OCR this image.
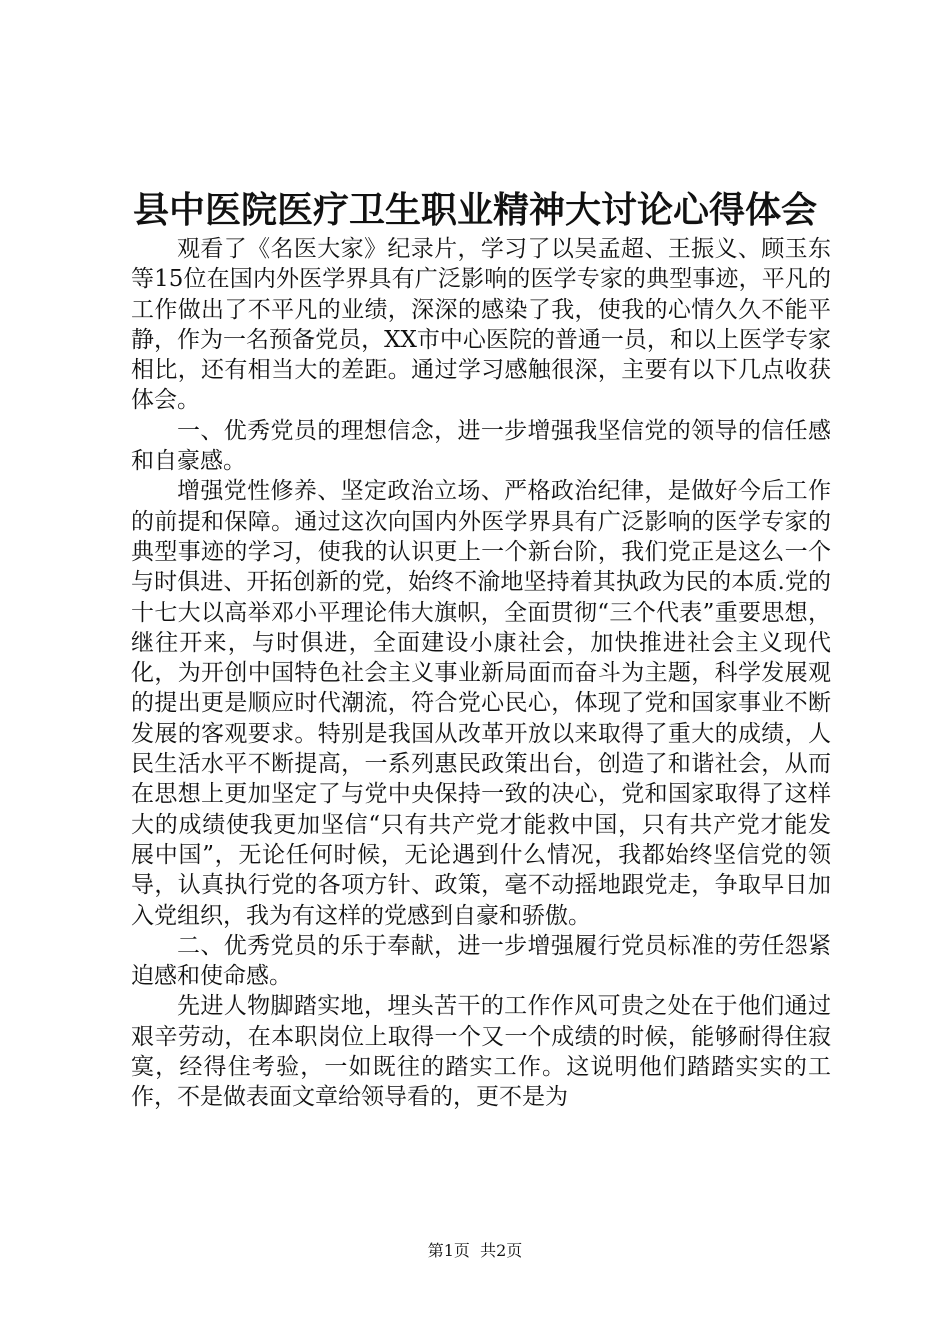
县中医院医疗卫生职业精神大讨论心得体会

观看了《名医大家》纪录片，学习了以吴孟超、王振义、顾玉东等15位在国内外医学界具有广泛影响的医学专家的典型事迹，平凡的工作做出了不平凡的业绩，深深的感染了我，使我的心情久久不能平静，作为一名预备党员，XX市中心医院的普通一员，和以上医学专家相比，还有相当大的差距。通过学习感触很深，主要有以下几点收获体会。

一、优秀党员的理想信念，进一步增强我坚信党的领导的信任感和自豪感。

增强党性修养、坚定政治立场、严格政治纪律，是做好今后工作的前提和保障。通过这次向国内外医学界具有广泛影响的医学专家的典型事迹的学习，使我的认识更上一个新台阶，我们党正是这么一个与时俱进、开拓创新的党，始终不渝地坚持着其执政为民的本质.党的十七大以高举邓小平理论伟大旗帜，全面贯彻“三个代表”重要思想，继往开来，与时俱进，全面建设小康社会，加快推进社会主义现代化，为开创中国特色社会主义事业新局面而奋斗为主题，科学发展观的提出更是顺应时代潮流，符合党心民心，体现了党和国家事业不断发展的客观要求。特别是我国从改革开放以来取得了重大的成绩，人民生活水平不断提高，一系列惠民政策出台，创造了和谐社会，从而在思想上更加坚定了与党中央保持一致的决心，党和国家取得了这样大的成绩使我更加坚信“只有共产党才能救中国，只有共产党才能发展中国”，无论任何时候，无论遇到什么情况，我都始终坚信党的领导，认真执行党的各项方针、政策，毫不动摇地跟党走，争取早日加入党组织，我为有这样的党感到自豪和骄傲。

二、优秀党员的乐于奉献，进一步增强履行党员标准的劳任怨紧迫感和使命感。

先进人物脚踏实地，埋头苦干的工作作风可贵之处在于他们通过艰辛劳动，在本职岗位上取得一个又一个成绩的时候，能够耐得住寂寞，经得住考验，一如既往的踏实工作。这说明他们踏踏实实的工作，不是做表面文章给领导看的，更不是为

第1页 共2页
